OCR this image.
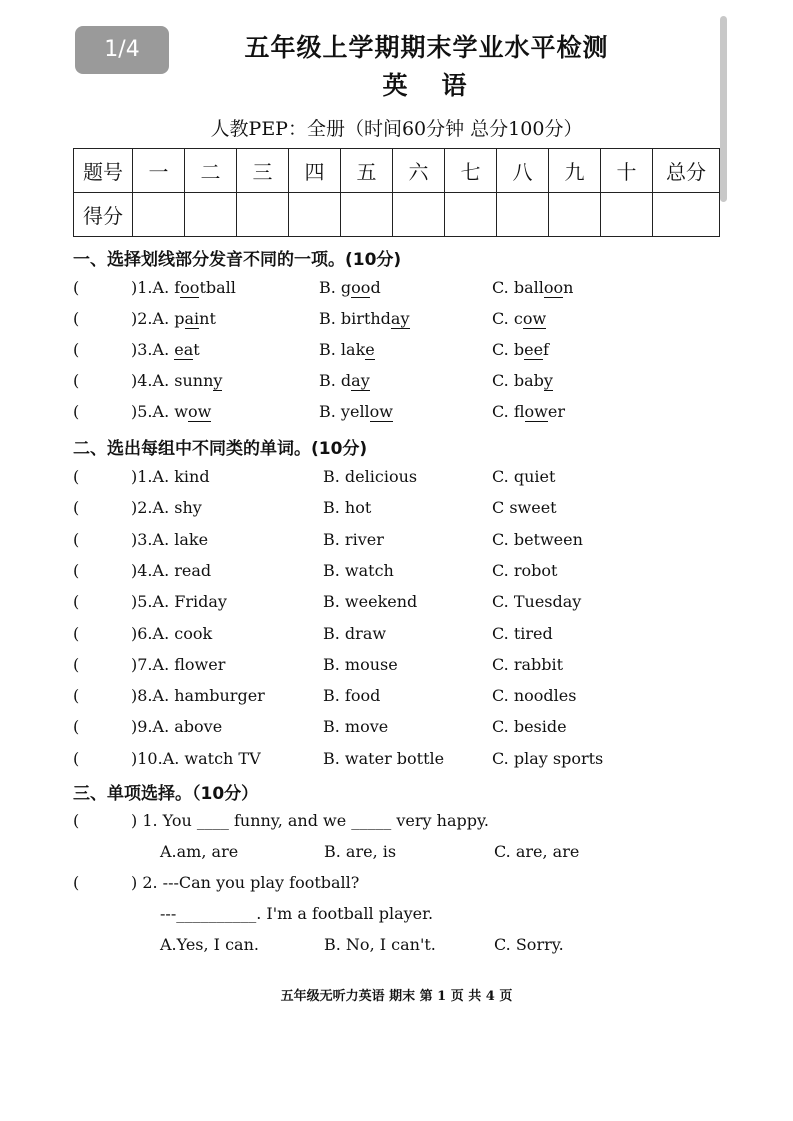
1/4	五年级上学期期末学业水平检测
英语
人教PEP：全册（时间60分钟 总分100分）
题号	一	二	三	四	五	六	七	八	九	十	总分
得分											
一、选择划线部分发音不同的一项。(10分)
(	)1.A. football	B. good	C. balloon
(	)2.A. paint	B. birthday	C. cow
(	)3.A. eat	B. lake	C. beef
(	)4.A. sunny	B. day	C. baby
(	)5.A. wow	B. yellow	C. flower
二、选出每组中不同类的单词。(10分)
(	)1.A. kind	B. delicious	C. quiet
(	)2.A. shy	B. hot	C sweet
(	)3.A. lake	B. river	C. between
(	)4.A. read	B. watch	C. robot
(	)5.A. Friday	B. weekend	C. Tuesday
(	)6.A. cook	B. draw	C. tired
(	)7.A. flower	B. mouse	C. rabbit
(	)8.A. hamburger	B. food	C. noodles
(	)9.A. above	B. move	C. beside
(	)10.A. watch TV	B. water bottle	C. play sports
三、单项选择。（10分）
(	) 1. You ____ funny, and we _____ very happy.
A.am, are	B. are, is	C. are, are
(	) 2. ---Can you play football?
---__________. I'm a football player.
A.Yes, I can.	B. No, I can't.	C. Sorry.
五年级无听力英语 期末 第 1 页 共 4 页
